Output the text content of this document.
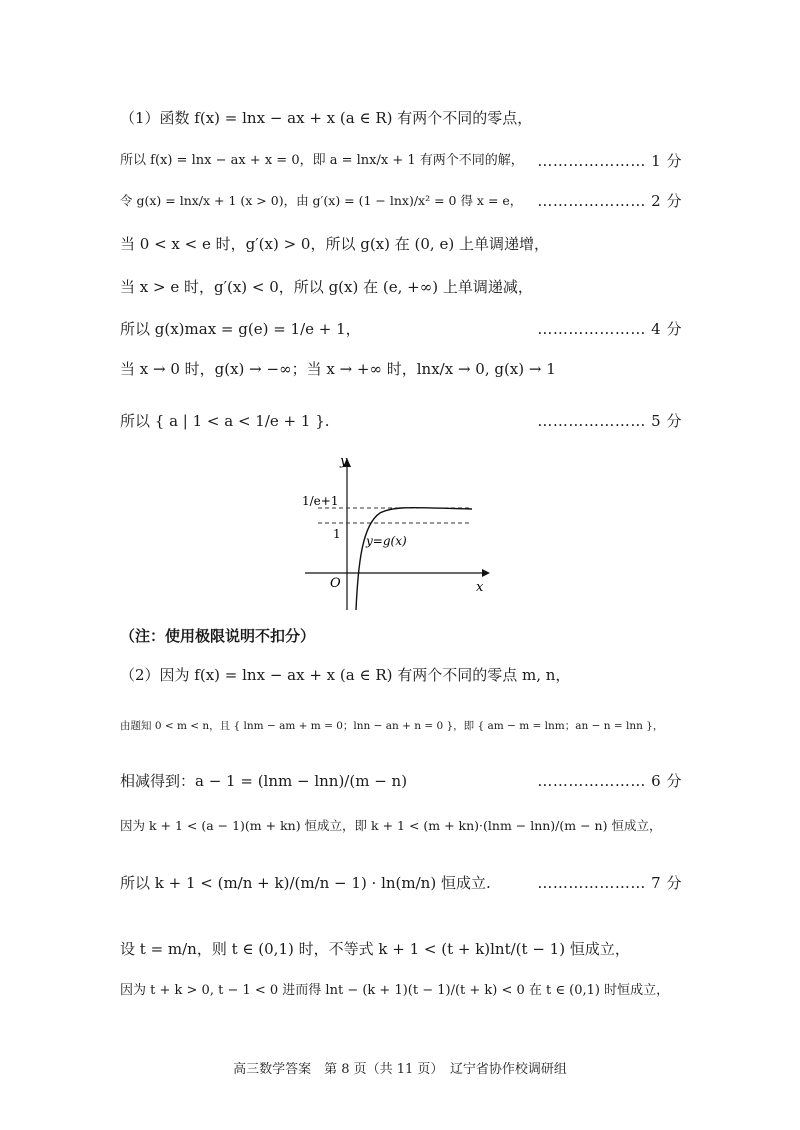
（1）函数 f(x) = lnx − ax + x (a ∈ R) 有两个不同的零点，
所以 f(x) = lnx − ax + x = 0，即 a = lnx/x + 1 有两个不同的解， ………………… 1 分
令 g(x) = lnx/x + 1 (x > 0)，由 g′(x) = (1 − lnx)/x² = 0 得 x = e，	………………… 2 分
当 0 < x < e 时，g′(x) > 0，所以 g(x) 在 (0, e) 上单调递增，
当 x > e 时，g′(x) < 0，所以 g(x) 在 (e, +∞) 上单调递减，
所以 g(x)max = g(e) = 1/e + 1，	………………… 4 分
当 x → 0 时，g(x) → −∞；当 x → +∞ 时，lnx/x → 0, g(x) → 1
所以 { a | 1 < a < 1/e + 1 }.	………………… 5 分
y
x
O
1/e+1
1 y=g(x)
（注：使用极限说明不扣分）
（2）因为 f(x) = lnx − ax + x (a ∈ R) 有两个不同的零点 m, n，
由题知 0 < m < n，且 { lnm − am + m = 0；lnn − an + n = 0 }，即 { am − m = lnm；an − n = lnn }，
相减得到：a − 1 = (lnm − lnn)/(m − n)	………………… 6 分
因为 k + 1 < (a − 1)(m + kn) 恒成立，即 k + 1 < (m + kn)·(lnm − lnn)/(m − n) 恒成立，
所以 k + 1 < (m/n + k)/(m/n − 1) · ln(m/n) 恒成立.	………………… 7 分
设 t = m/n，则 t ∈ (0,1) 时，不等式 k + 1 < (t + k)lnt/(t − 1) 恒成立，
因为 t + k > 0, t − 1 < 0 进而得 lnt − (k + 1)(t − 1)/(t + k) < 0 在 t ∈ (0,1) 时恒成立，
高三数学答案　第 8 页（共 11 页）　辽宁省协作校调研组
